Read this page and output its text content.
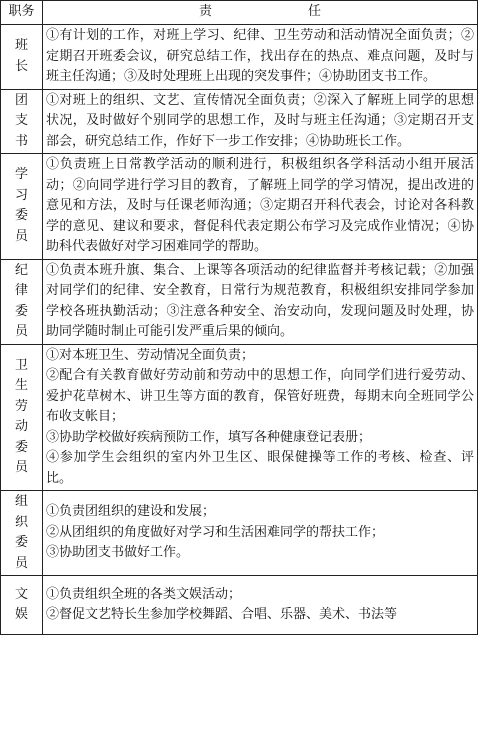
职务	责 任
班长	①有计划的工作，对班上学习、纪律、卫生劳动和活动情况全面负责；②定期召开班委会议，研究总结工作，找出存在的热点、难点问题，及时与班主任沟通；③及时处理班上出现的突发事件；④协助团支书工作。
团支书	①对班上的组织、文艺、宣传情况全面负责；②深入了解班上同学的思想状况，及时做好个别同学的思想工作，及时与班主任沟通；③定期召开支部会，研究总结工作，作好下一步工作安排；④协助班长工作。
学习委员	①负责班上日常教学活动的顺利进行，积极组织各学科活动小组开展活动；②向同学进行学习目的教育，了解班上同学的学习情况，提出改进的意见和方法，及时与任课老师沟通；③定期召开科代表会，讨论对各科教学的意见、建议和要求，督促科代表定期公布学习及完成作业情况；④协助科代表做好对学习困难同学的帮助。
纪律委员	①负责本班升旗、集合、上课等各项活动的纪律监督并考核记载；②加强对同学们的纪律、安全教育，日常行为规范教育，积极组织安排同学参加学校各班执勤活动；③注意各种安全、治安动向，发现问题及时处理，协助同学随时制止可能引发严重后果的倾向。
卫生劳动委员	①对本班卫生、劳动情况全面负责；
②配合有关教育做好劳动前和劳动中的思想工作，向同学们进行爱劳动、爱护花草树木、讲卫生等方面的教育，保管好班费，每期末向全班同学公布收支帐目；
③协助学校做好疾病预防工作，填写各种健康登记表册；
④参加学生会组织的室内外卫生区、眼保健操等工作的考核、检查、评比。

组织委员	①负责团组织的建设和发展；
②从团组织的角度做好对学习和生活困难同学的帮扶工作；
③协助团支书做好工作。

文娱	①负责组织全班的各类文娱活动；
②督促文艺特长生参加学校舞蹈、合唱、乐器、美术、书法等
